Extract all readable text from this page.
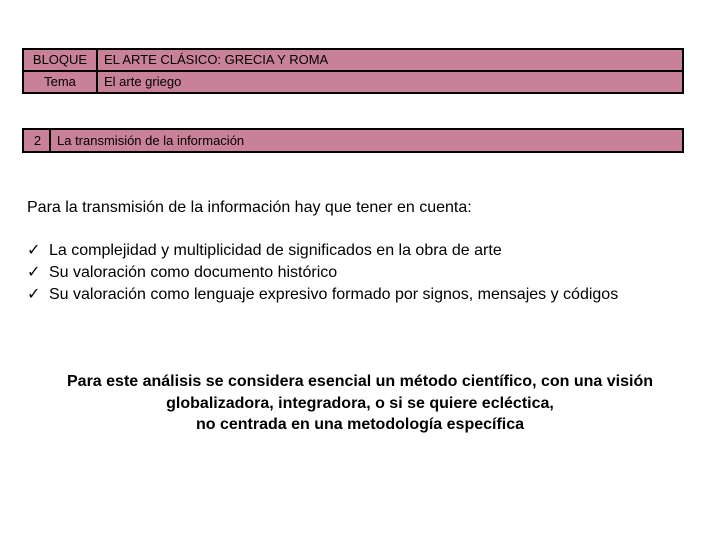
BLOQUE	EL ARTE CLÁSICO: GRECIA Y ROMA
Tema	El arte griego
2	La transmisión de la información

Para la transmisión de la información hay que tener en cuenta:

✓ La complejidad y multiplicidad de significados en la obra de arte
✓ Su valoración como documento histórico
✓ Su valoración como lenguaje expresivo formado por signos, mensajes y códigos
Para este análisis se considera esencial un método científico, con una visión
globalizadora, integradora, o si se quiere ecléctica,
no centrada en una metodología específica
